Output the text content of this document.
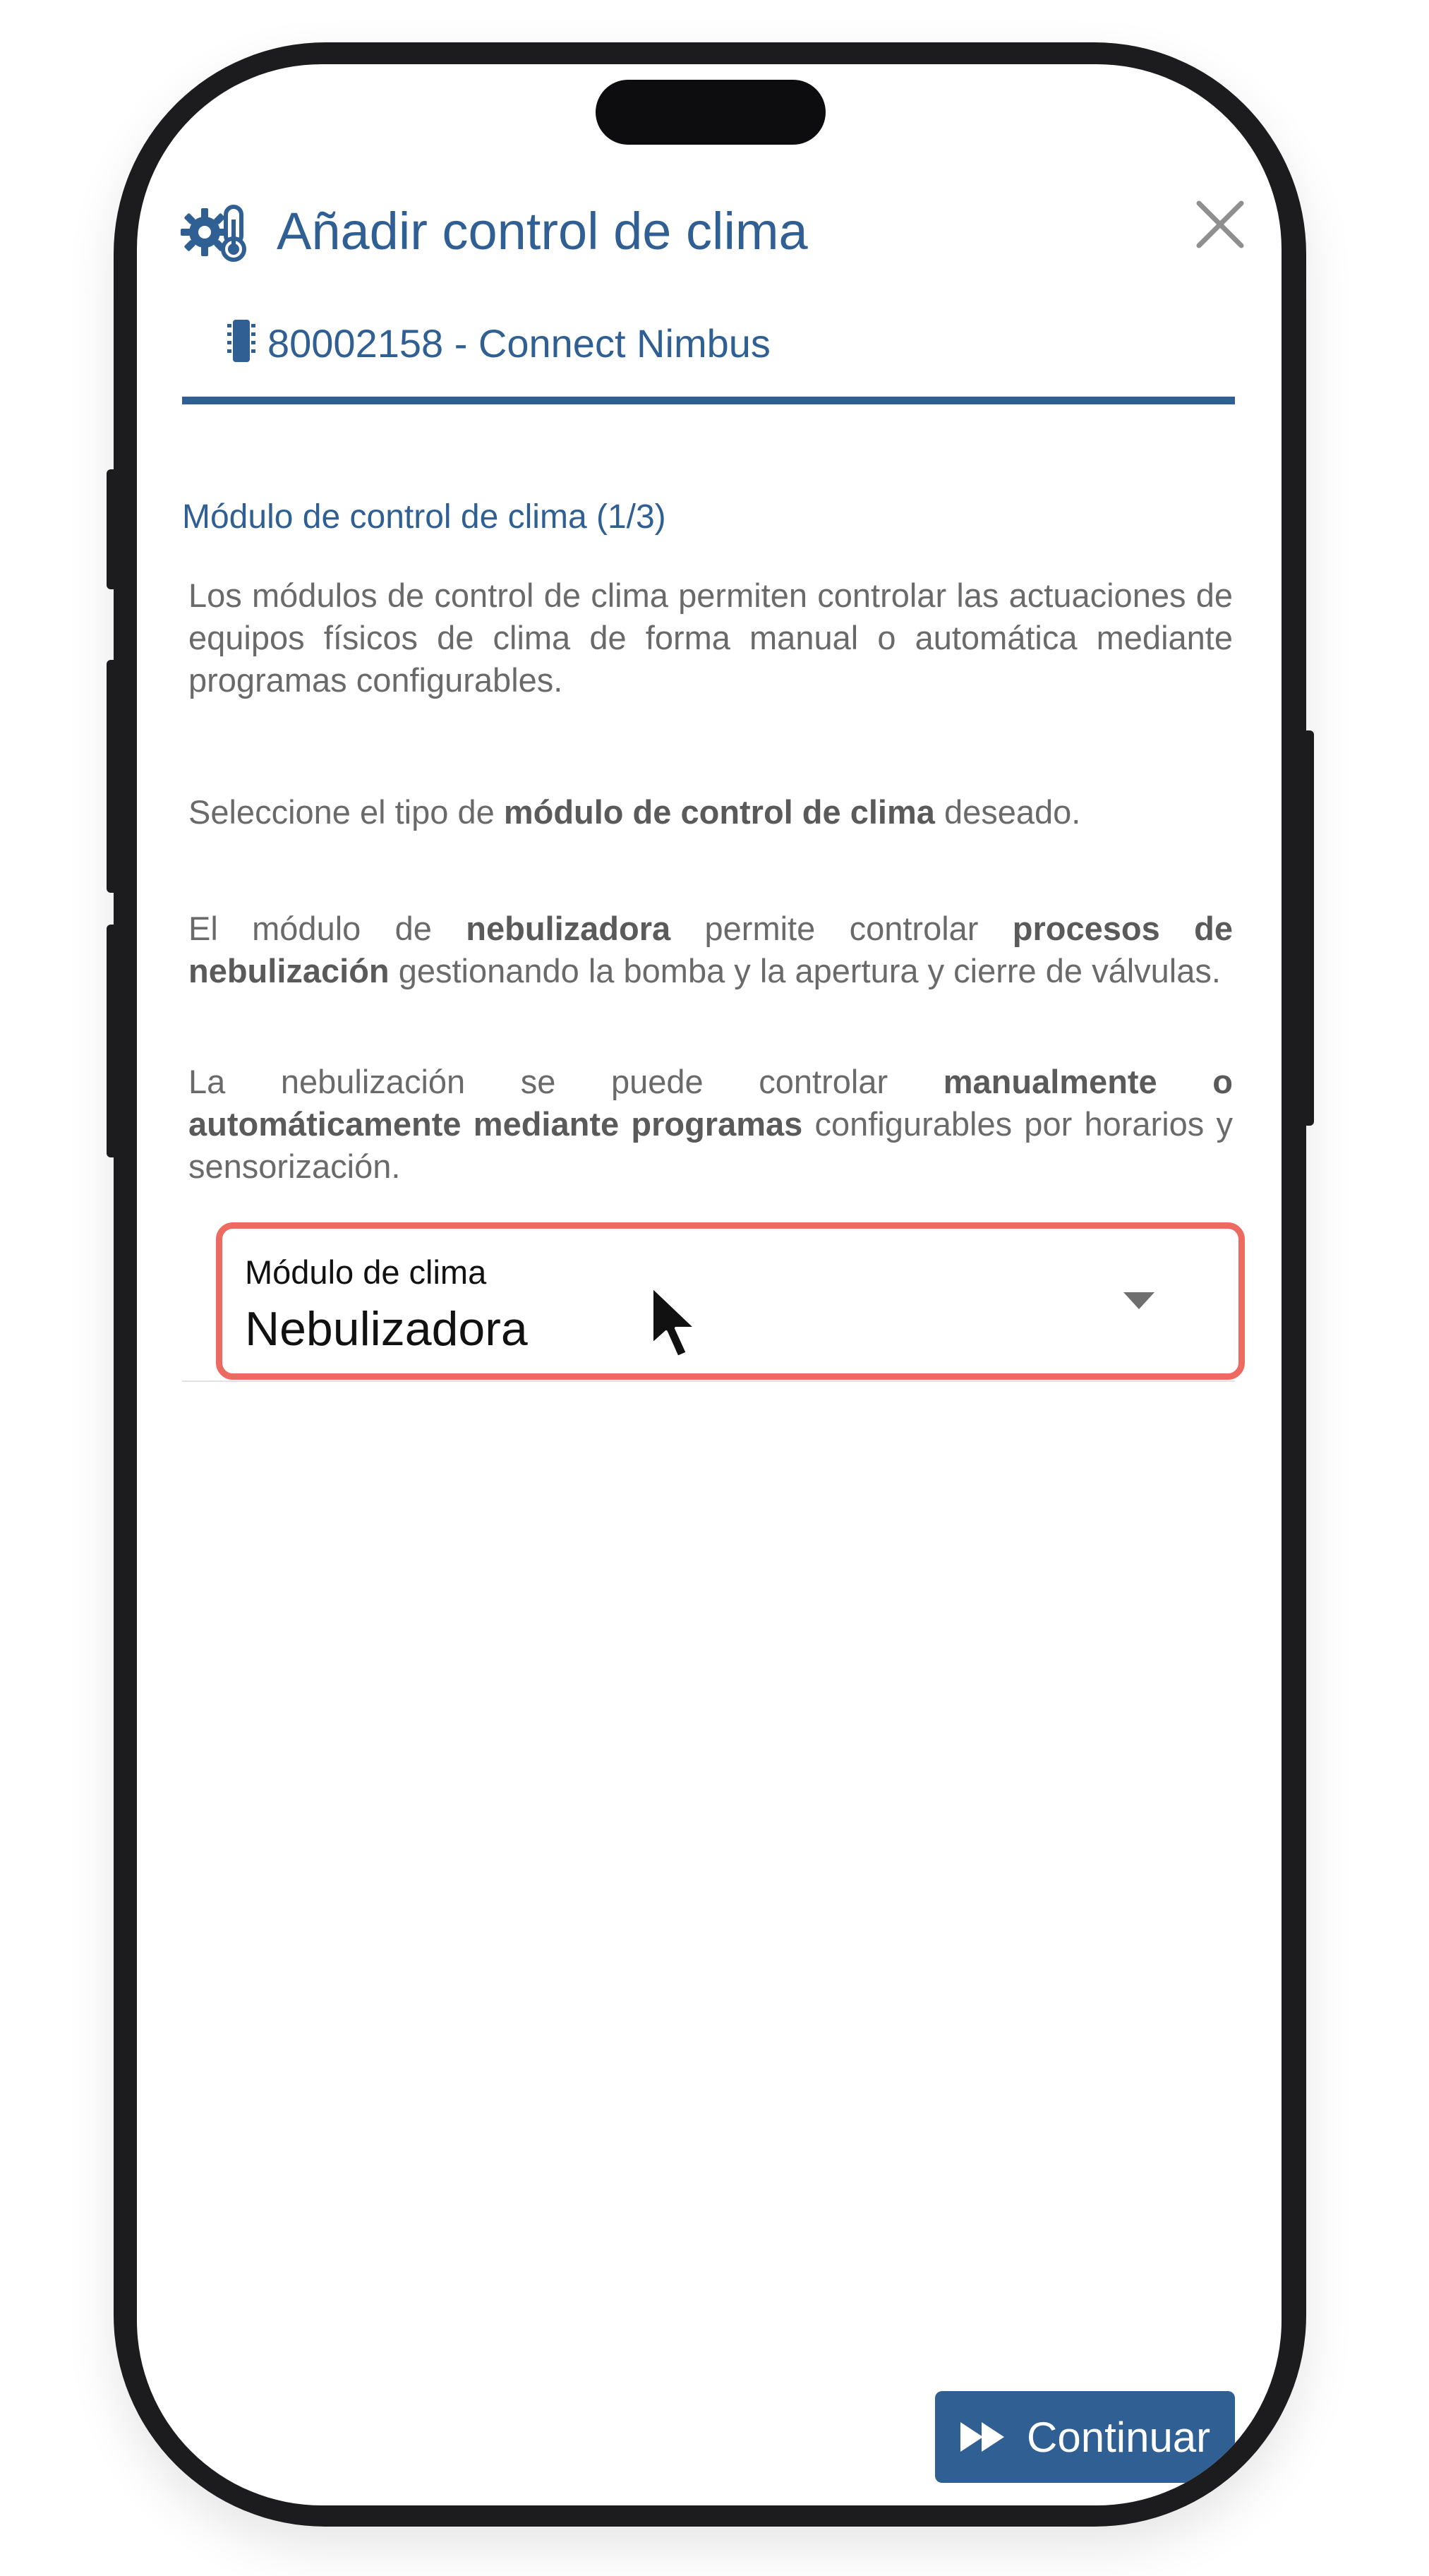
Añadir control de clima
80002158 - Connect Nimbus
Módulo de control de clima (1/3)
Los módulos de control de clima permiten controlar las actuaciones de equipos físicos de clima de forma manual o automática mediante programas configurables.
Seleccione el tipo de módulo de control de clima deseado.
El módulo de nebulizadora permite controlar procesos de nebulización gestionando la bomba y la apertura y cierre de válvulas.
La nebulización se puede controlar manualmente o automáticamente mediante programas configurables por horarios y sensorización.
Módulo de clima
Nebulizadora
Continuar
